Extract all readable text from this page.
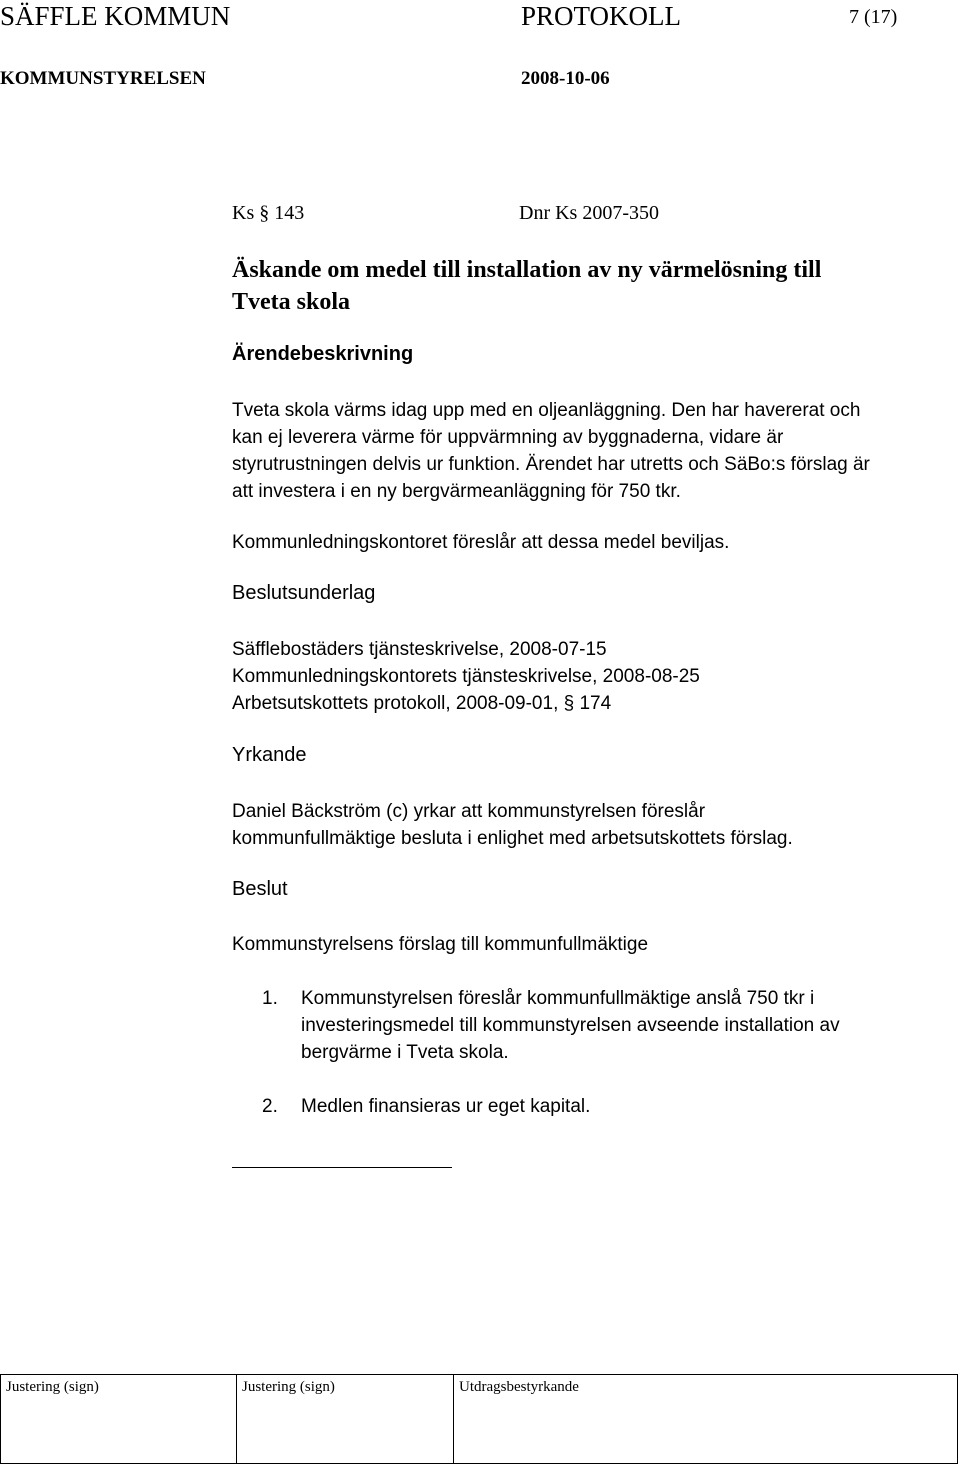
SÄFFLE KOMMUN	PROTOKOLL	7 (17)
KOMMUNSTYRELSEN	2008-10-06
Ks § 143	Dnr Ks 2007-350
Äskande om medel till installation av ny värmelösning till
Tveta skola
Ärendebeskrivning
Tveta skola värms idag upp med en oljeanläggning. Den har havererat och
kan ej leverera värme för uppvärmning av byggnaderna, vidare är
styrutrustningen delvis ur funktion. Ärendet har utretts och SäBo:s förslag är
att investera i en ny bergvärmeanläggning för 750 tkr.
Kommunledningskontoret föreslår att dessa medel beviljas.
Beslutsunderlag
Säfflebostäders tjänsteskrivelse, 2008-07-15
Kommunledningskontorets tjänsteskrivelse, 2008-08-25
Arbetsutskottets protokoll, 2008-09-01, § 174
Yrkande
Daniel Bäckström (c) yrkar att kommunstyrelsen föreslår
kommunfullmäktige besluta i enlighet med arbetsutskottets förslag.
Beslut
Kommunstyrelsens förslag till kommunfullmäktige
1. Kommunstyrelsen föreslår kommunfullmäktige anslå 750 tkr i
investeringsmedel till kommunstyrelsen avseende installation av
bergvärme i Tveta skola.
2. Medlen finansieras ur eget kapital.
Justering (sign)	Justering (sign)	Utdragsbestyrkande
